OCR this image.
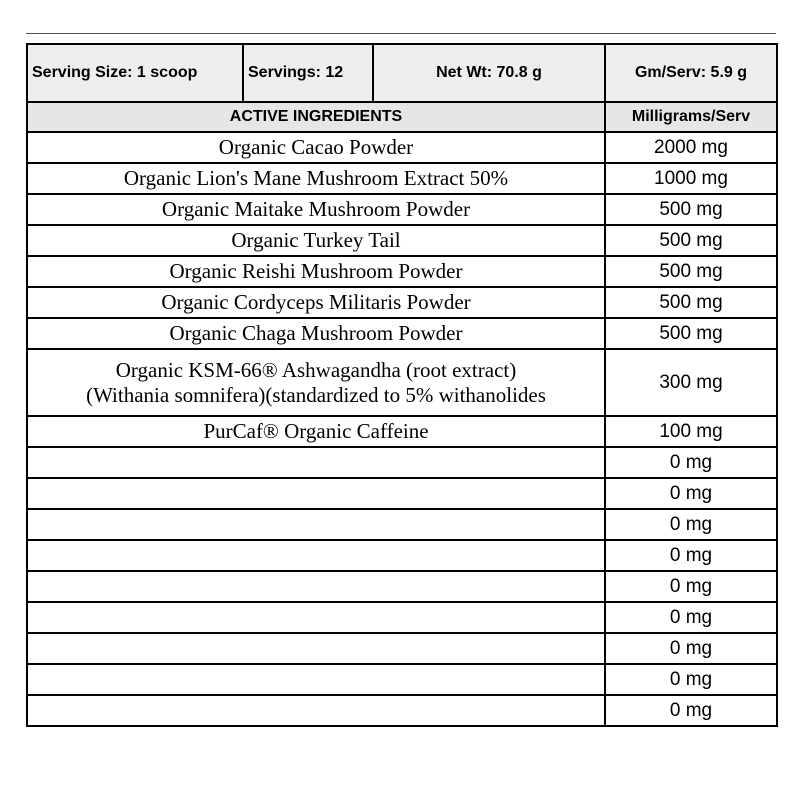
Serving Size: 1 scoop	Servings: 12	Net Wt: 70.8 g	Gm/Serv: 5.9 g
ACTIVE INGREDIENTS			Milligrams/Serv
Organic Cacao Powder			2000 mg
Organic Lion's Mane Mushroom Extract 50%			1000 mg
Organic Maitake Mushroom Powder			500 mg
Organic Turkey Tail			500 mg
Organic Reishi Mushroom Powder			500 mg
Organic Cordyceps Militaris Powder			500 mg
Organic Chaga Mushroom Powder			500 mg

Organic KSM-66® Ashwagandha (root extract)
(Withania somnifera)(standardized to 5% withanolides			300 mg
PurCaf® Organic Caffeine			100 mg
			0 mg
			0 mg
			0 mg
			0 mg
			0 mg
			0 mg
			0 mg
			0 mg
			0 mg
